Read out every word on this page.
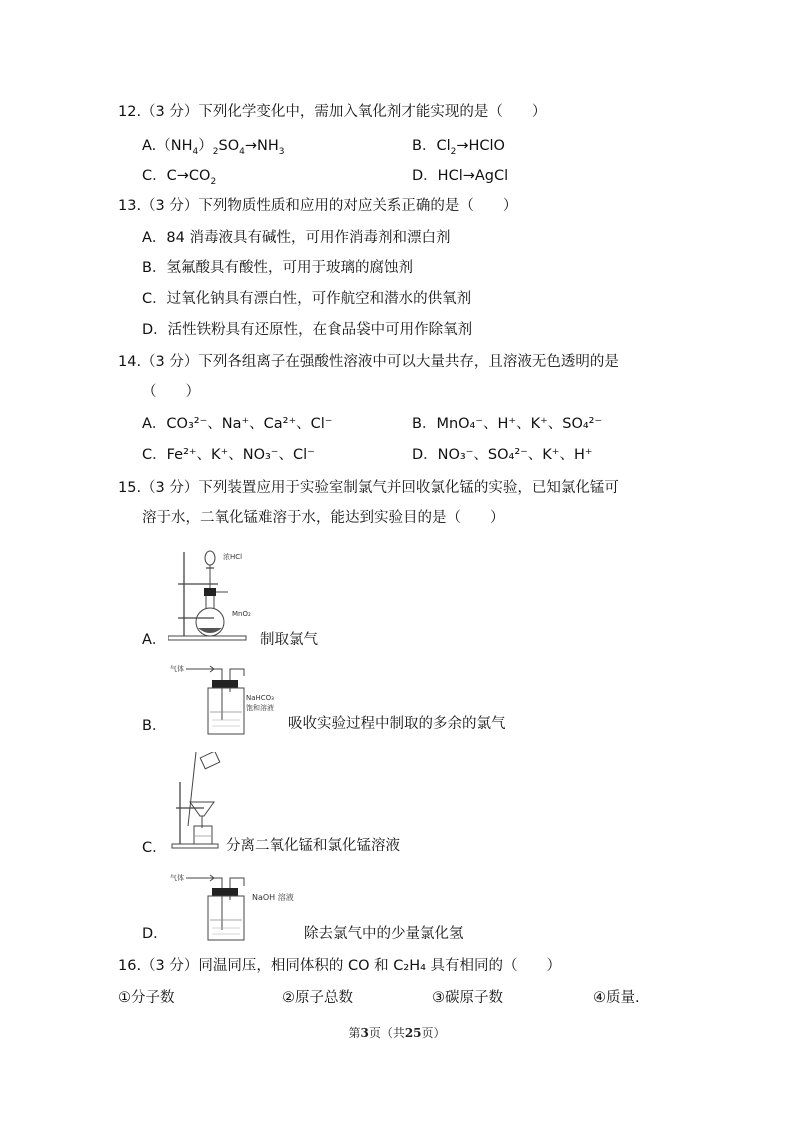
12.（3 分）下列化学变化中，需加入氧化剂才能实现的是（　　）
$A.(NH_4)_2SO_4\to NH_3$	B．$Cl_2\to HClO$
C．$C\to CO_2$	D．HCl→AgCl
13.（3 分）下列物质性质和应用的对应关系正确的是（　　）
A．84 消毒液具有碱性，可用作消毒剂和漂白剂
B．氢氟酸具有酸性，可用于玻璃的腐蚀剂
C．过氧化钠具有漂白性，可作航空和潜水的供氧剂
D．活性铁粉具有还原性，在食品袋中可用作除氧剂
14.（3 分）下列各组离子在强酸性溶液中可以大量共存，且溶液无色透明的是
（　　）
A．CO₃²⁻、Na⁺、Ca²⁺、Cl⁻	B．MnO₄⁻、H⁺、K⁺、SO₄²⁻
C．Fe²⁺、K⁺、NO₃⁻、Cl⁻	D．NO₃⁻、SO₄²⁻、K⁺、H⁺
15.（3 分）下列装置应用于实验室制氯气并回收氯化锰的实验，已知氯化锰可
溶于水，二氧化锰难溶于水，能达到实验目的是（　　）
A．
浓HCl
MnO₂
制取氯气
B．
气体
NaHCO₃
饱和溶液
吸收实验过程中制取的多余的氯气
C．	分离二氧化锰和氯化锰溶液
D．
气体
NaOH 溶液
除去氯气中的少量氯化氢
16.（3 分）同温同压，相同体积的 CO 和 C₂H₄ 具有相同的（　　）
①分子数	②原子总数	③碳原子数	④质量.
第3页（共25页）
